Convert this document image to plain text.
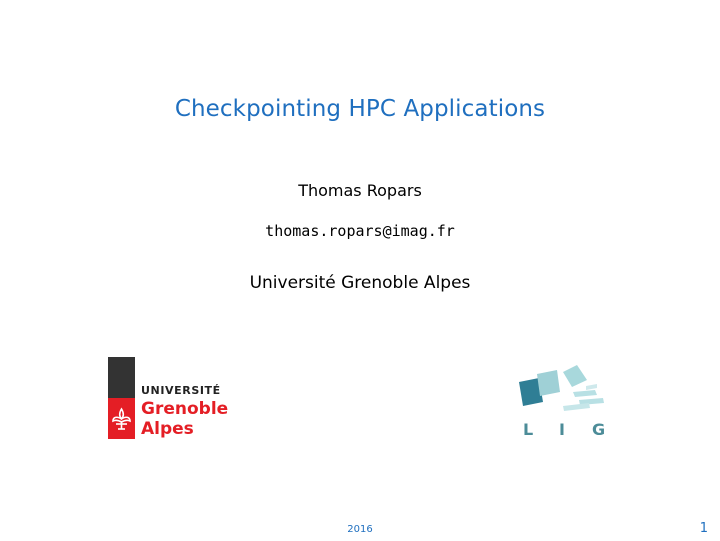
Checkpointing HPC Applications
Thomas Ropars
thomas.ropars@imag.fr
Université Grenoble Alpes
UNIVERSITÉ
Grenoble
Alpes	L I G
2016	1
